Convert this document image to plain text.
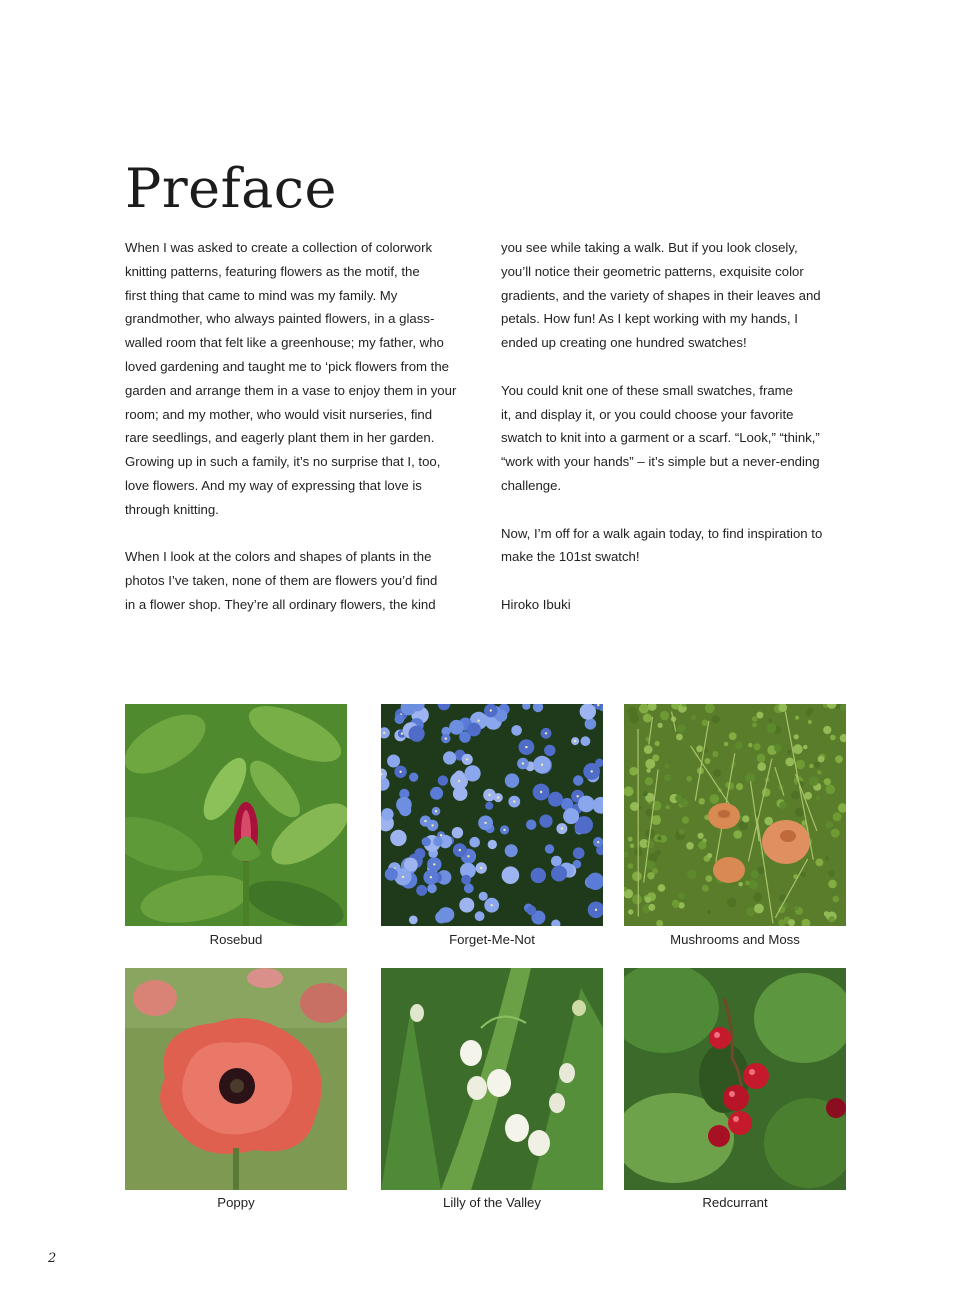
Preface

When I was asked to create a collection of colorwork
knitting patterns, featuring flowers as the motif, the
first thing that came to mind was my family. My
grandmother, who always painted flowers, in a glass-
walled room that felt like a greenhouse; my father, who
loved gardening and taught me to ‘pick flowers from the
garden and arrange them in a vase to enjoy them in your
room; and my mother, who would visit nurseries, find
rare seedlings, and eagerly plant them in her garden.
Growing up in such a family, it’s no surprise that I, too,
love flowers. And my way of expressing that love is
through knitting.

When I look at the colors and shapes of plants in the
photos I’ve taken, none of them are flowers you’d find
in a flower shop. They’re all ordinary flowers, the kind

you see while taking a walk. But if you look closely,
you’ll notice their geometric patterns, exquisite color
gradients, and the variety of shapes in their leaves and
petals. How fun! As I kept working with my hands, I
ended up creating one hundred swatches!

You could knit one of these small swatches, frame
it, and display it, or you could choose your favorite
swatch to knit into a garment or a scarf. “Look,” “think,”
“work with your hands” – it’s simple but a never-ending
challenge.

Now, I’m off for a walk again today, to find inspiration to
make the 101st swatch!

Hiroko Ibuki

Rosebud	Forget-Me-Not	Mushrooms and Moss
Poppy	Lilly of the Valley	Redcurrant
2
